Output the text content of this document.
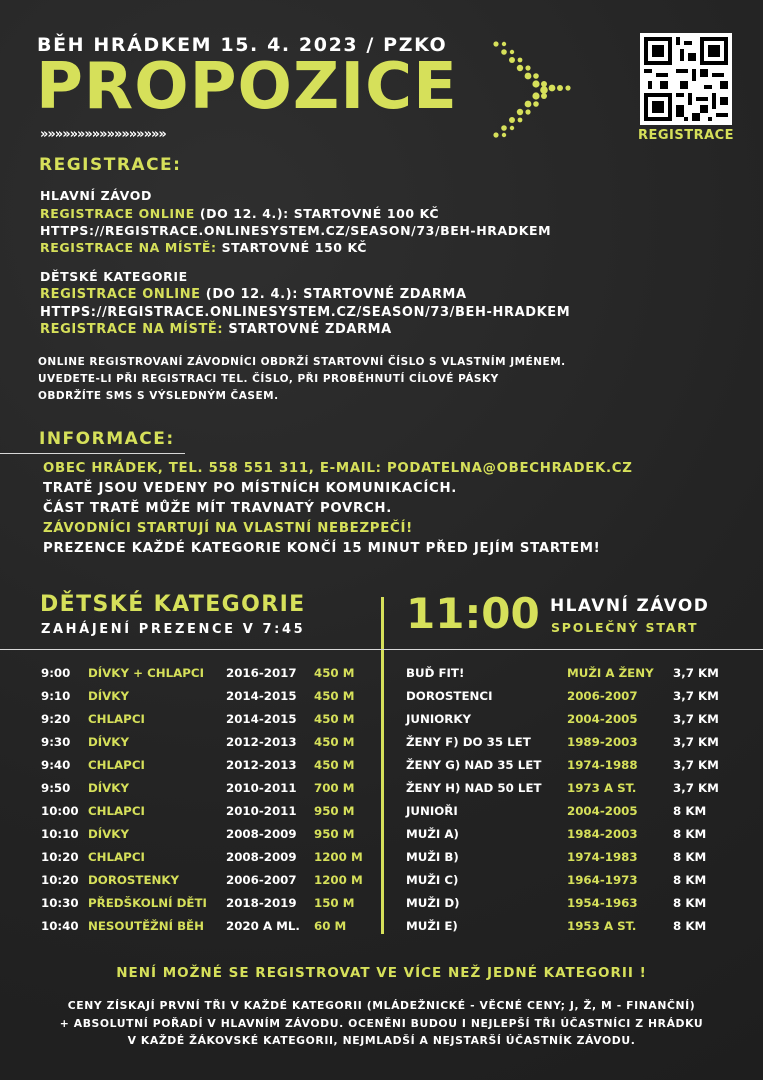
BĚH HRÁDKEM 15. 4. 2023 / PZKO
PROPOZICE
»»»»»»»»»»»»»»»»»	REGISTRACE
REGISTRACE:
HLAVNÍ ZÁVOD
REGISTRACE ONLINE (DO 12. 4.): STARTOVNÉ 100 KČ
HTTPS://REGISTRACE.ONLINESYSTEM.CZ/SEASON/73/BEH-HRADKEM
REGISTRACE NA MÍSTĚ: STARTOVNÉ 150 KČ
DĚTSKÉ KATEGORIE
REGISTRACE ONLINE (DO 12. 4.): STARTOVNÉ ZDARMA
HTTPS://REGISTRACE.ONLINESYSTEM.CZ/SEASON/73/BEH-HRADKEM
REGISTRACE NA MÍSTĚ: STARTOVNÉ ZDARMA
ONLINE REGISTROVANÍ ZÁVODNÍCI OBDRŽÍ STARTOVNÍ ČÍSLO S VLASTNÍM JMÉNEM.
UVEDETE-LI PŘI REGISTRACI TEL. ČÍSLO, PŘI PROBĚHNUTÍ CÍLOVÉ PÁSKY
OBDRŽÍTE SMS S VÝSLEDNÝM ČASEM.
INFORMACE:
OBEC HRÁDEK, TEL. 558 551 311, E-MAIL: PODATELNA@OBECHRADEK.CZ
TRATĚ JSOU VEDENY PO MÍSTNÍCH KOMUNIKACÍCH.
ČÁST TRATĚ MŮŽE MÍT TRAVNATÝ POVRCH.
ZÁVODNÍCI STARTUJÍ NA VLASTNÍ NEBEZPEČÍ!
PREZENCE KAŽDÉ KATEGORIE KONČÍ 15 MINUT PŘED JEJÍM STARTEM!
DĚTSKÉ KATEGORIE
ZAHÁJENÍ PREZENCE V 7:45 11:00 HLAVNÍ ZÁVOD
SPOLEČNÝ START
9:00 DÍVKY + CHLAPCI 2016-2017 450 M
9:10 DÍVKY	2014-2015 450 M
9:20 CHLAPCI	2014-2015 450 M
9:30 DÍVKY	2012-2013 450 M
9:40 CHLAPCI	2012-2013 450 M
9:50 DÍVKY	2010-2011 700 M
10:00 CHLAPCI	2010-2011 950 M
10:10 DÍVKY	2008-2009 950 M
10:20 CHLAPCI	2008-2009 1200 M
10:20 DOROSTENKY	2006-2007 1200 M
10:30 PŘEDŠKOLNÍ DĚTI 2018-2019 150 M
10:40 NESOUTĚŽNÍ BĚH 2020 A ML. 60 M
BUĎ FIT!	MUŽI A ŽENY 3,7 KM
DOROSTENCI	2006-2007	3,7 KM
JUNIORKY	2004-2005	3,7 KM
ŽENY F) DO 35 LET	1989-2003	3,7 KM
ŽENY G) NAD 35 LET 1974-1988	3,7 KM
ŽENY H) NAD 50 LET 1973 A ST.	3,7 KM
JUNIOŘI	2004-2005	8 KM
MUŽI A)	1984-2003	8 KM
MUŽI B)	1974-1983	8 KM
MUŽI C)	1964-1973	8 KM
MUŽI D)	1954-1963	8 KM
MUŽI E)	1953 A ST.	8 KM
NENÍ MOŽNÉ SE REGISTROVAT VE VÍCE NEŽ JEDNÉ KATEGORII !
CENY ZÍSKAJÍ PRVNÍ TŘI V KAŽDÉ KATEGORII (MLÁDEŽNICKÉ - VĚCNÉ CENY; J, Ž, M - FINANČNÍ)
+ ABSOLUTNÍ POŘADÍ V HLAVNÍM ZÁVODU. OCENĚNI BUDOU I NEJLEPŠÍ TŘI ÚČASTNÍCI Z HRÁDKU
V KAŽDÉ ŽÁKOVSKÉ KATEGORII, NEJMLADŠÍ A NEJSTARŠÍ ÚČASTNÍK ZÁVODU.
